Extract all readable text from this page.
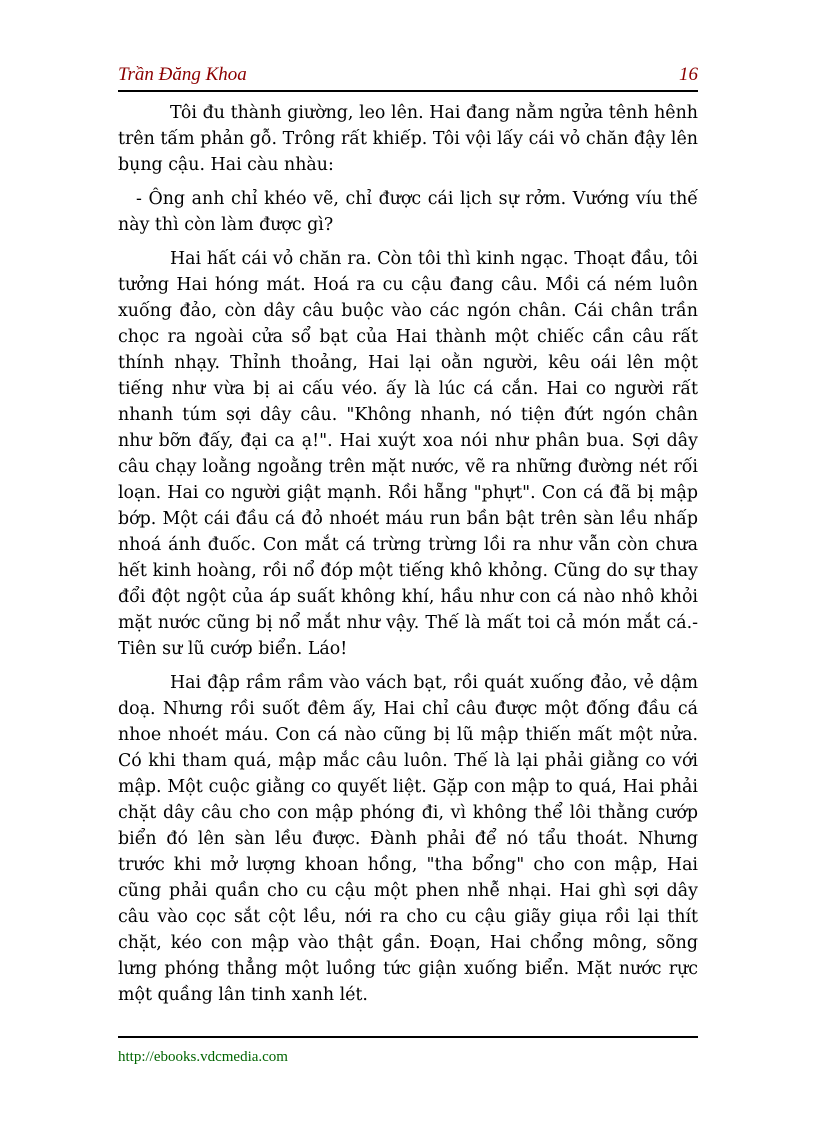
Trần Đăng Khoa	16

Tôi đu thành giường, leo lên. Hai đang nằm ngửa tênh hênh trên tấm phản gỗ. Trông rất khiếp. Tôi vội lấy cái vỏ chăn đậy lên bụng cậu. Hai càu nhàu:

- Ông anh chỉ khéo vẽ, chỉ được cái lịch sự rởm. Vướng víu thế này thì còn làm được gì?

Hai hất cái vỏ chăn ra. Còn tôi thì kinh ngạc. Thoạt đầu, tôi tưởng Hai hóng mát. Hoá ra cu cậu đang câu. Mồi cá ném luôn xuống đảo, còn dây câu buộc vào các ngón chân. Cái chân trần chọc ra ngoài cửa sổ bạt của Hai thành một chiếc cần câu rất thính nhạy. Thỉnh thoảng, Hai lại oằn người, kêu oái lên một tiếng như vừa bị ai cấu véo. ấy là lúc cá cắn. Hai co người rất nhanh túm sợi dây câu. "Không nhanh, nó tiện đứt ngón chân như bỡn đấy, đại ca ạ!". Hai xuýt xoa nói như phân bua. Sợi dây câu chạy loằng ngoằng trên mặt nước, vẽ ra những đường nét rối loạn. Hai co người giật mạnh. Rồi hẵng "phựt". Con cá đã bị mập bớp. Một cái đầu cá đỏ nhoét máu run bần bật trên sàn lều nhấp nhoá ánh đuốc. Con mắt cá trừng trừng lồi ra như vẫn còn chưa hết kinh hoàng, rồi nổ đóp một tiếng khô khỏng. Cũng do sự thay đổi đột ngột của áp suất không khí, hầu như con cá nào nhô khỏi mặt nước cũng bị nổ mắt như vậy. Thế là mất toi cả món mắt cá.- Tiên sư lũ cướp biển. Láo!

Hai đập rầm rầm vào vách bạt, rồi quát xuống đảo, vẻ dậm doạ. Nhưng rồi suốt đêm ấy, Hai chỉ câu được một đống đầu cá nhoe nhoét máu. Con cá nào cũng bị lũ mập thiến mất một nửa. Có khi tham quá, mập mắc câu luôn. Thế là lại phải giằng co với mập. Một cuộc giằng co quyết liệt. Gặp con mập to quá, Hai phải chặt dây câu cho con mập phóng đi, vì không thể lôi thằng cướp biển đó lên sàn lều được. Đành phải để nó tẩu thoát. Nhưng trước khi mở lượng khoan hồng, "tha bổng" cho con mập, Hai cũng phải quần cho cu cậu một phen nhễ nhại. Hai ghì sợi dây câu vào cọc sắt cột lều, nới ra cho cu cậu giãy giụa rồi lại thít chặt, kéo con mập vào thật gần. Đoạn, Hai chổng mông, sõng lưng phóng thẳng một luồng tức giận xuống biển. Mặt nước rực một quầng lân tinh xanh lét.

http://ebooks.vdcmedia.com
